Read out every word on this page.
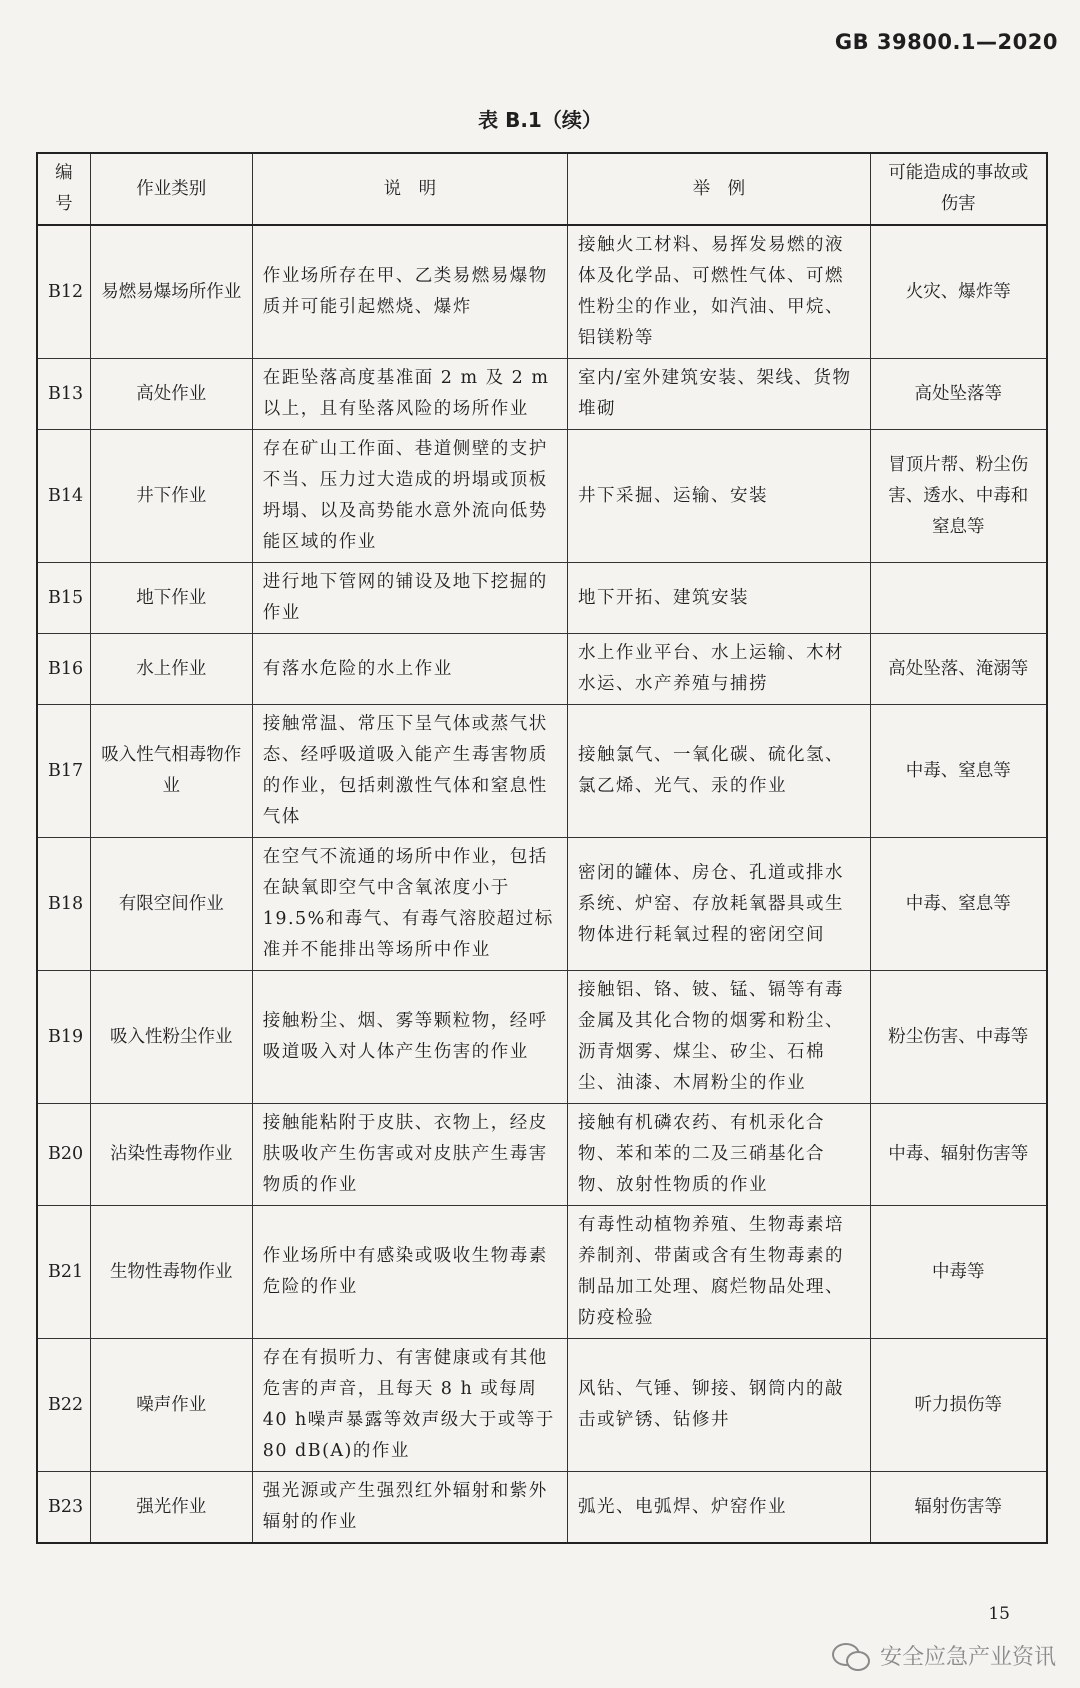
GB 39800.1—2020
表 B.1（续）
编号	作业类别	说　明	举　例	可能造成的事故或伤害
B12	易燃易爆场所作业	作业场所存在甲、乙类易燃易爆物质并可能引起燃烧、爆炸	接触火工材料、易挥发易燃的液体及化学品、可燃性气体、可燃性粉尘的作业，如汽油、甲烷、铝镁粉等	火灾、爆炸等
B13	高处作业	在距坠落高度基准面 2 m 及 2 m 以上，且有坠落风险的场所作业	室内/室外建筑安装、架线、货物堆砌	高处坠落等
B14	井下作业	存在矿山工作面、巷道侧壁的支护不当、压力过大造成的坍塌或顶板坍塌、以及高势能水意外流向低势能区域的作业	井下采掘、运输、安装	冒顶片帮、粉尘伤害、透水、中毒和窒息等
B15	地下作业	进行地下管网的铺设及地下挖掘的作业	地下开拓、建筑安装	
B16	水上作业	有落水危险的水上作业	水上作业平台、水上运输、木材水运、水产养殖与捕捞	高处坠落、淹溺等
B17	吸入性气相毒物作业	接触常温、常压下呈气体或蒸气状态、经呼吸道吸入能产生毒害物质的作业，包括刺激性气体和窒息性气体	接触氯气、一氧化碳、硫化氢、氯乙烯、光气、汞的作业	中毒、窒息等
B18	有限空间作业	在空气不流通的场所中作业，包括在缺氧即空气中含氧浓度小于 19.5%和毒气、有毒气溶胶超过标准并不能排出等场所中作业	密闭的罐体、房仓、孔道或排水系统、炉窑、存放耗氧器具或生物体进行耗氧过程的密闭空间	中毒、窒息等
B19	吸入性粉尘作业	接触粉尘、烟、雾等颗粒物，经呼吸道吸入对人体产生伤害的作业	接触铝、铬、铍、锰、镉等有毒金属及其化合物的烟雾和粉尘、沥青烟雾、煤尘、矽尘、石棉尘、油漆、木屑粉尘的作业	粉尘伤害、中毒等
B20	沾染性毒物作业	接触能粘附于皮肤、衣物上，经皮肤吸收产生伤害或对皮肤产生毒害物质的作业	接触有机磷农药、有机汞化合物、苯和苯的二及三硝基化合物、放射性物质的作业	中毒、辐射伤害等
B21	生物性毒物作业	作业场所中有感染或吸收生物毒素危险的作业	有毒性动植物养殖、生物毒素培养制剂、带菌或含有生物毒素的制品加工处理、腐烂物品处理、防疫检验	中毒等
B22	噪声作业	存在有损听力、有害健康或有其他危害的声音，且每天 8 h 或每周 40 h噪声暴露等效声级大于或等于 80 dB(A)的作业	风钻、气锤、铆接、钢筒内的敲击或铲锈、钻修井	听力损伤等
B23	强光作业	强光源或产生强烈红外辐射和紫外辐射的作业	弧光、电弧焊、炉窑作业	辐射伤害等
15
安全应急产业资讯
